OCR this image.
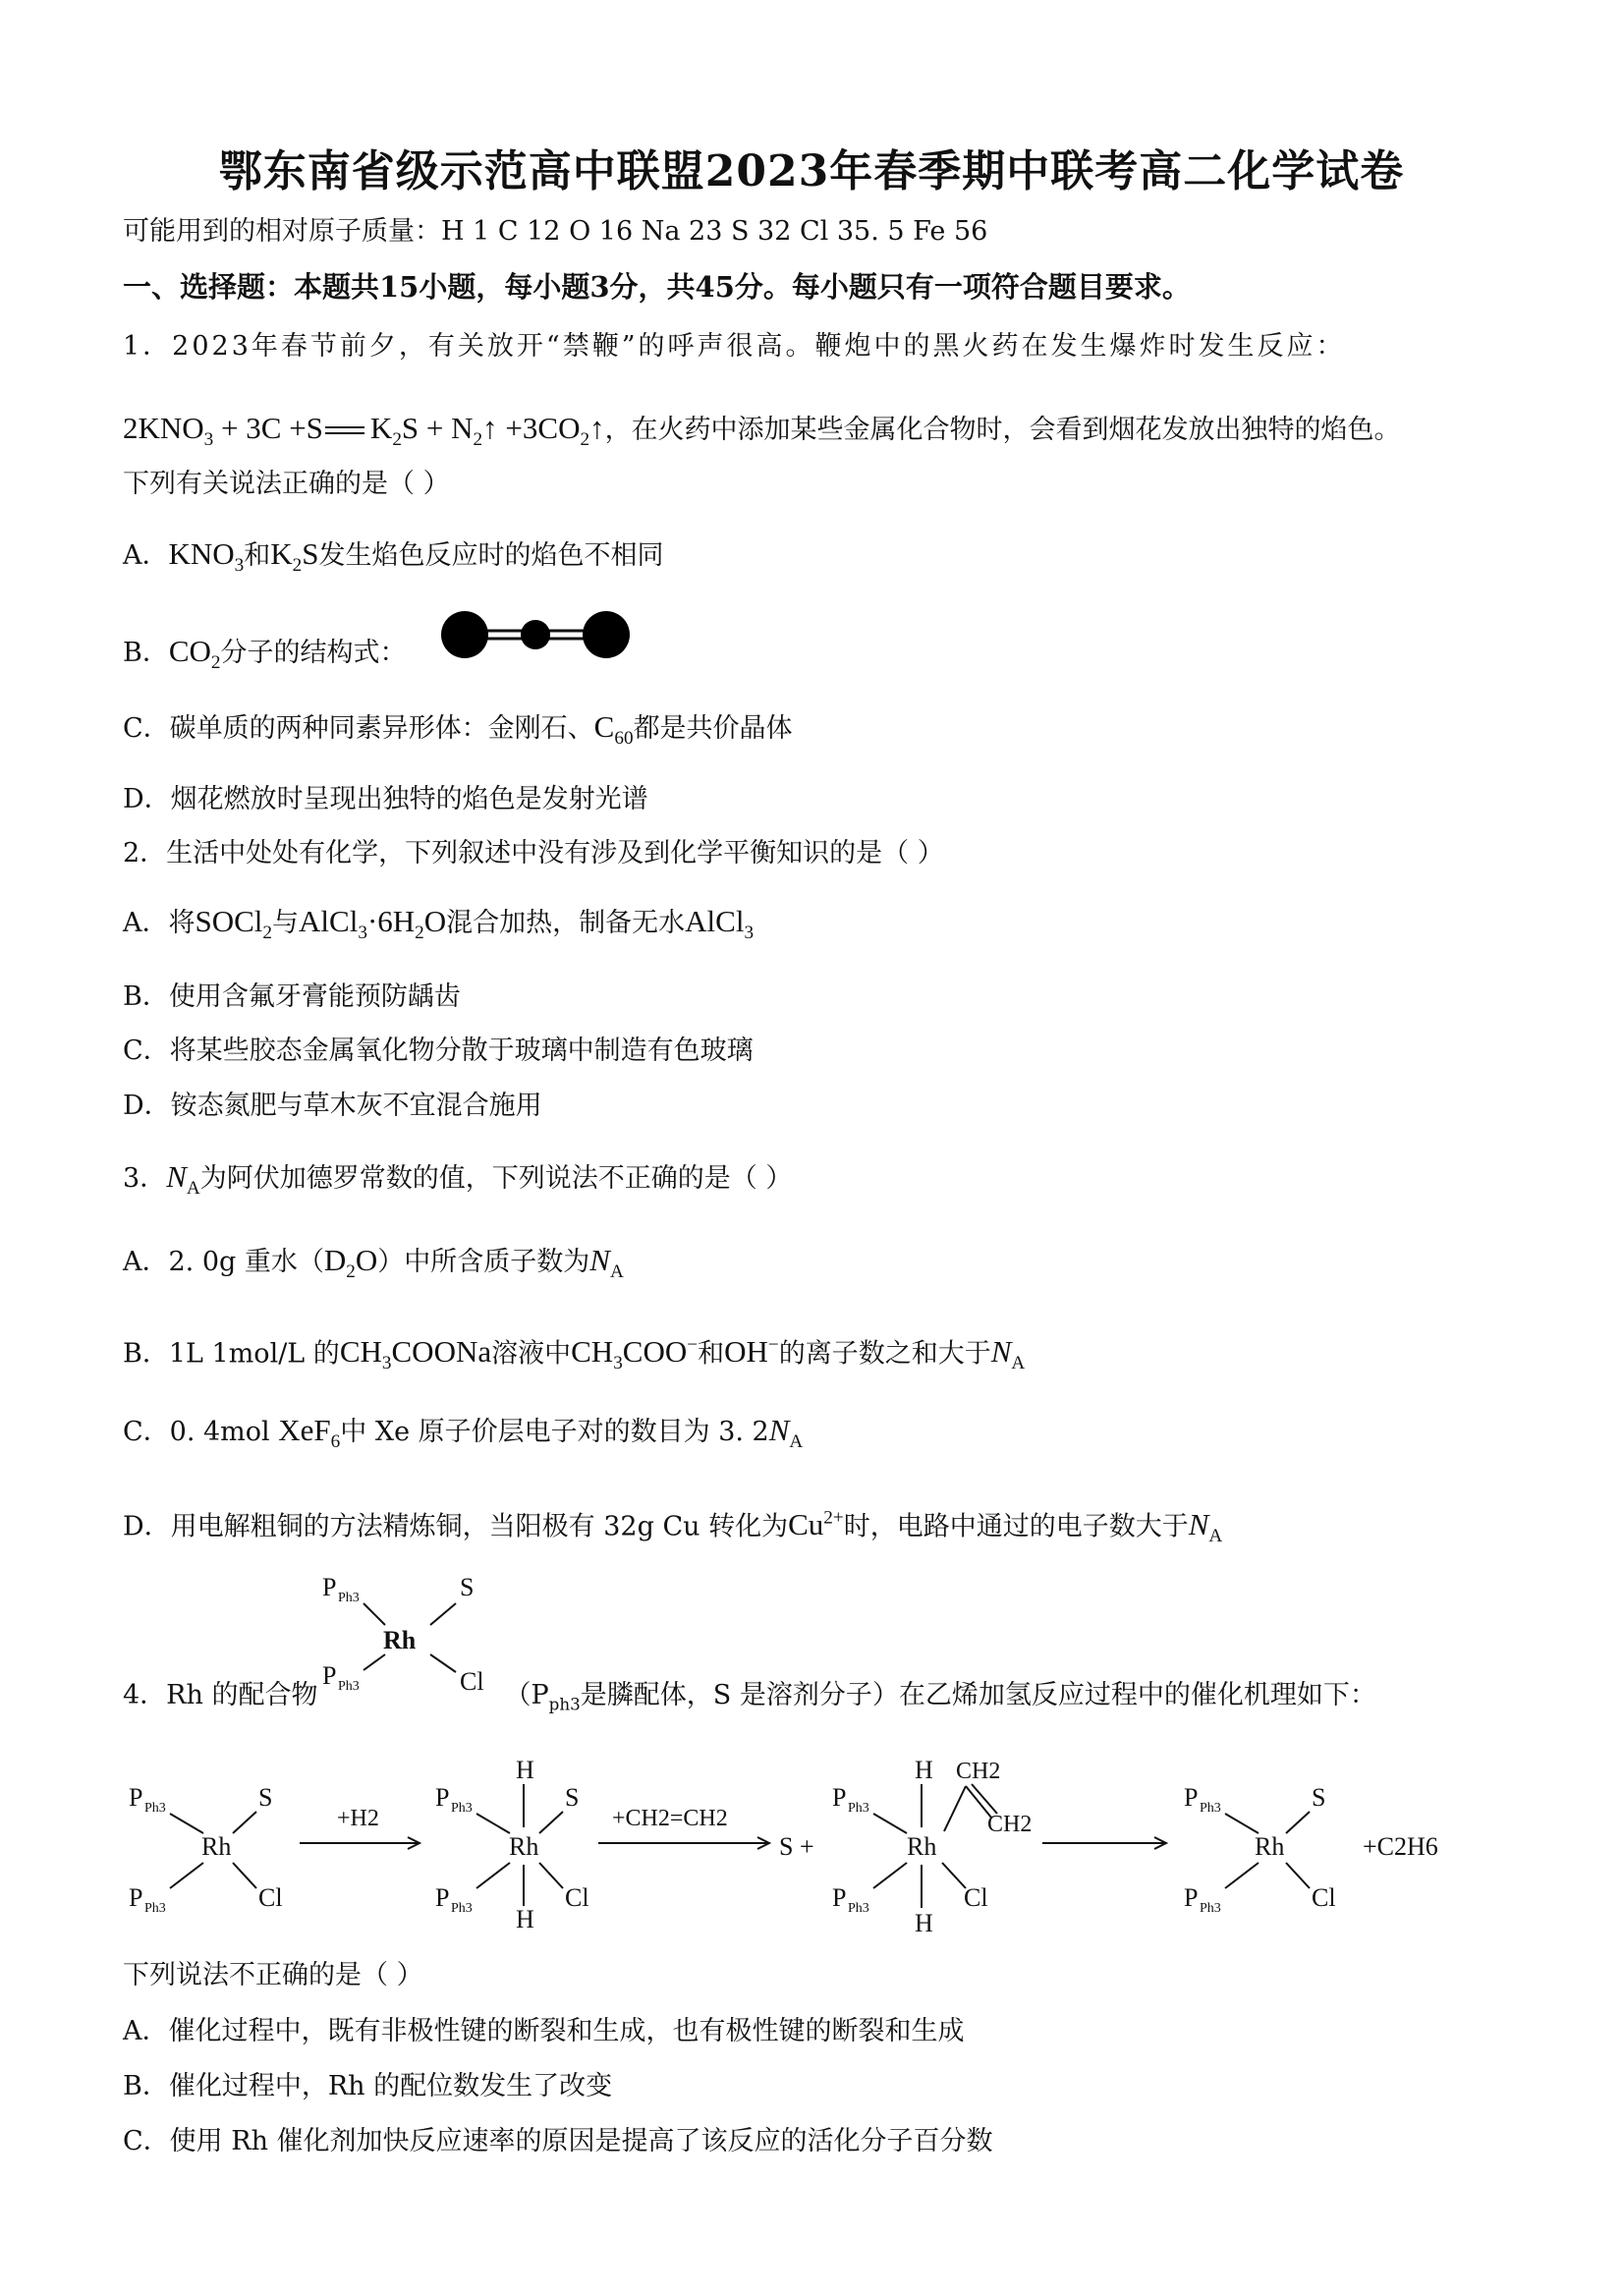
鄂东南省级示范高中联盟2023年春季期中联考高二化学试卷
可能用到的相对原子质量：H 1 C 12 O 16 Na 23 S 32 Cl 35. 5 Fe 56
一、选择题：本题共15小题，每小题3分，共45分。每小题只有一项符合题目要求。
1．2023年春节前夕，有关放开“禁鞭”的呼声很高。鞭炮中的黑火药在发生爆炸时发生反应：
$2KNO_3 + 3C +S$ $K_2S$ + $N_2↑$ $+3CO_2↑$，在火药中添加某些金属化合物时，会看到烟花发放出独特的焰色。
下列有关说法正确的是（ ）
A．$KNO_3$和$K_2S$发生焰色反应时的焰色不相同
B．$CO_2$分子的结构式：
C．碳单质的两种同素异形体：金刚石、$C_{60}$都是共价晶体
D．烟花燃放时呈现出独特的焰色是发射光谱
2．生活中处处有化学，下列叙述中没有涉及到化学平衡知识的是（ ）
A．将SOCl$_2$与$AlCl_3\cdot 6H_2O$混合加热，制备无水AlCl$_3$
B．使用含氟牙膏能预防龋齿
C．将某些胶态金属氧化物分散于玻璃中制造有色玻璃
D．铵态氮肥与草木灰不宜混合施用
3．$N_A$为阿伏加德罗常数的值，下列说法不正确的是（ ）
A．2. 0g 重水$(D_2O)$中所含质子数为$N_A$
B．1L 1mol/L 的$CH_3COONa$溶液中$CH_3COO^-$和OH−的离子数之和大于$N_A$
C．0. 4mol XeF$_6$中 Xe 原子价层电子对的数目为 3. $2N_A$
D．用电解粗铜的方法精炼铜，当阳极有 32g Cu 转化为$Cu^{2+}$时，电路中通过的电子数大于$N_A$
4．Rh 的配合物	（$P_{ph3}$是膦配体，S 是溶剂分子）在乙烯加氢反应过程中的催化机理如下：
P Ph3	S
Rh
P Ph3	Cl
P Ph3	S
Rh
P Ph3	Cl
+H2
P Ph3
H
S
Rh
P Ph3	Cl
H
+CH2=CH2
S +
P Ph3
H CH2
CH2
Rh
P Ph3	Cl
H
P Ph3	S
Rh
P Ph3	Cl
+C2H6
下列说法不正确的是（ ）
A．催化过程中，既有非极性键的断裂和生成，也有极性键的断裂和生成
B．催化过程中，Rh 的配位数发生了改变
C．使用 Rh 催化剂加快反应速率的原因是提高了该反应的活化分子百分数
